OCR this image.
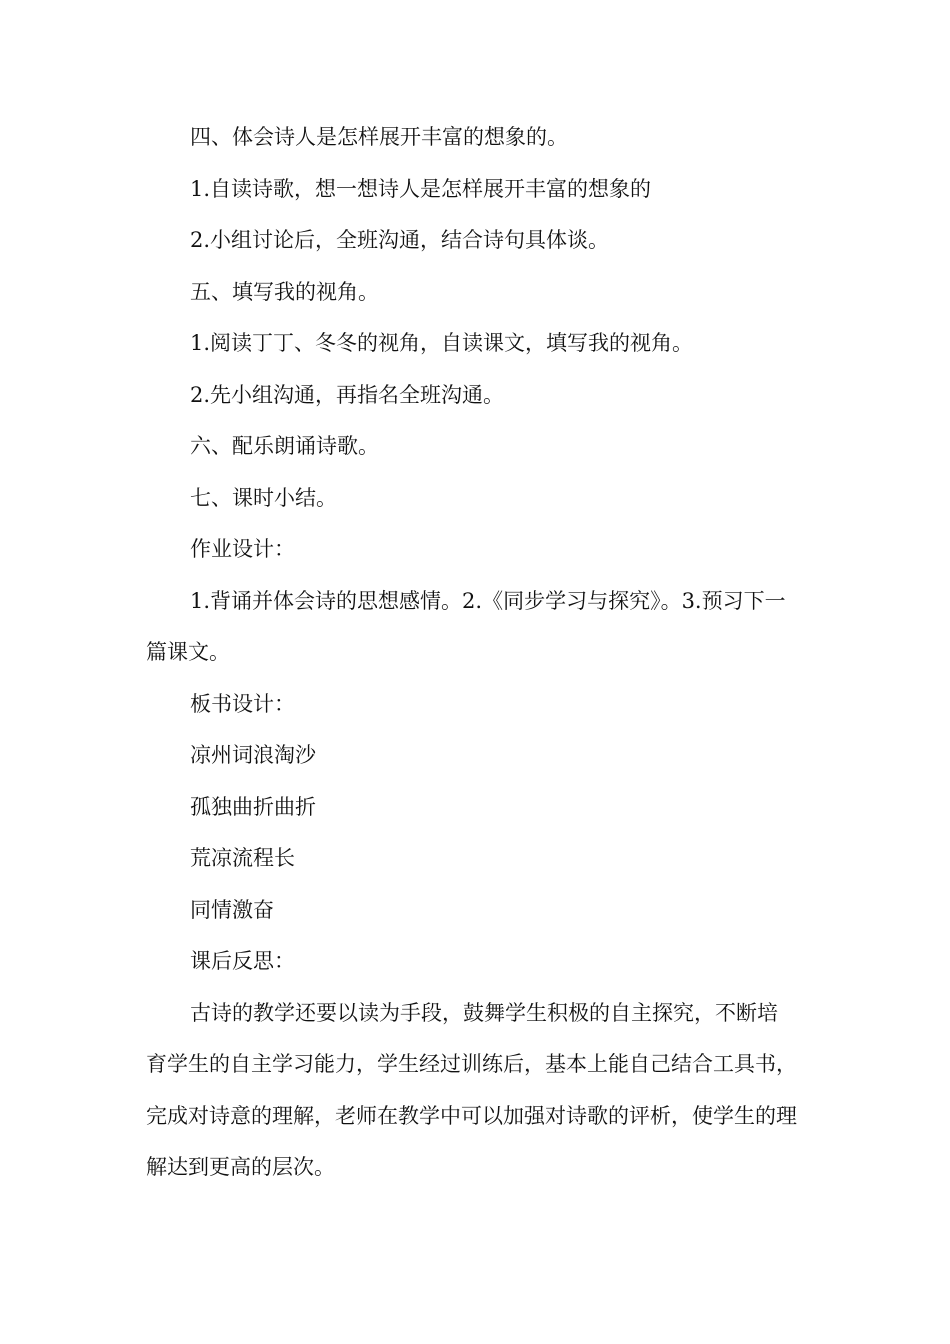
四、体会诗人是怎样展开丰富的想象的。

1.自读诗歌，想一想诗人是怎样展开丰富的想象的

2.小组讨论后，全班沟通，结合诗句具体谈。

五、填写我的视角。

1.阅读丁丁、冬冬的视角，自读课文，填写我的视角。

2.先小组沟通，再指名全班沟通。

六、配乐朗诵诗歌。

七、课时小结。

作业设计：

1.背诵并体会诗的思想感情。2.《同步学习与探究》。3.预习下一篇课文。

板书设计：

凉州词浪淘沙

孤独曲折曲折

荒凉流程长

同情激奋

课后反思：

古诗的教学还要以读为手段，鼓舞学生积极的自主探究，不断培育学生的自主学习能力，学生经过训练后，基本上能自己结合工具书，完成对诗意的理解，老师在教学中可以加强对诗歌的评析，使学生的理解达到更高的层次。
